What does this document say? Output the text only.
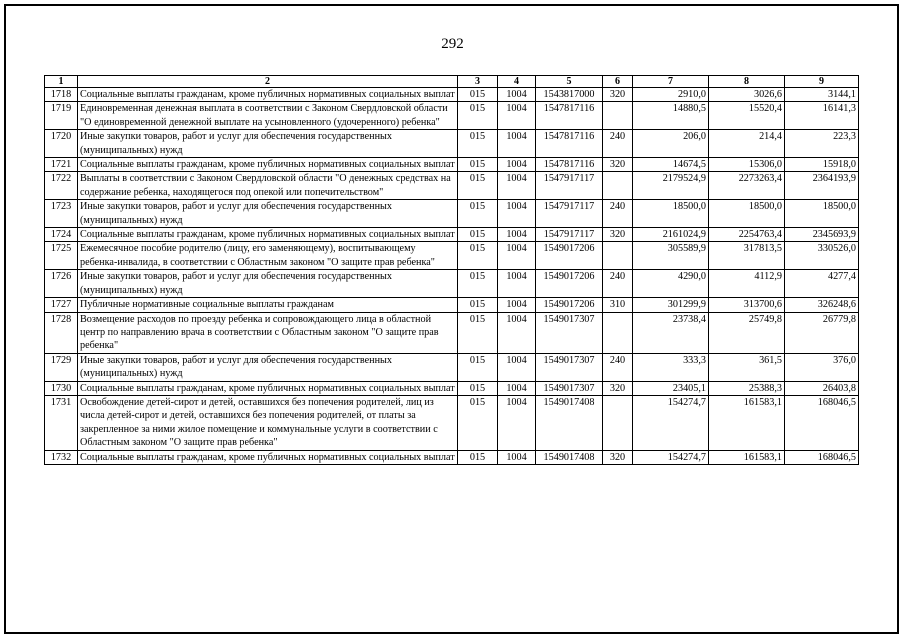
292
1	2	3	4	5	6	7	8	9
1718	Социальные выплаты гражданам, кроме публичных нормативных социальных выплат	015	1004	1543817000	320	2910,0	3026,6	3144,1
1719	Единовременная денежная выплата в соответствии с Законом Свердловской области "О единовременной денежной выплате на усыновленного (удочеренного) ребенка"	015	1004	1547817116		14880,5	15520,4	16141,3
1720	Иные закупки товаров, работ и услуг для обеспечения государственных (муниципальных) нужд	015	1004	1547817116	240	206,0	214,4	223,3
1721	Социальные выплаты гражданам, кроме публичных нормативных социальных выплат	015	1004	1547817116	320	14674,5	15306,0	15918,0
1722	Выплаты в соответствии с Законом Свердловской области "О денежных средствах на содержание ребенка, находящегося под опекой или попечительством"	015	1004	1547917117		2179524,9	2273263,4	2364193,9
1723	Иные закупки товаров, работ и услуг для обеспечения государственных (муниципальных) нужд	015	1004	1547917117	240	18500,0	18500,0	18500,0
1724	Социальные выплаты гражданам, кроме публичных нормативных социальных выплат	015	1004	1547917117	320	2161024,9	2254763,4	2345693,9
1725	Ежемесячное пособие родителю (лицу, его заменяющему), воспитывающему ребенка-инвалида, в соответствии с Областным законом "О защите прав ребенка"	015	1004	1549017206		305589,9	317813,5	330526,0
1726	Иные закупки товаров, работ и услуг для обеспечения государственных (муниципальных) нужд	015	1004	1549017206	240	4290,0	4112,9	4277,4
1727	Публичные нормативные социальные выплаты гражданам	015	1004	1549017206	310	301299,9	313700,6	326248,6
1728	Возмещение расходов по проезду ребенка и сопровождающего лица в областной центр по направлению врача в соответствии с Областным законом "О защите прав ребенка"	015	1004	1549017307		23738,4	25749,8	26779,8
1729	Иные закупки товаров, работ и услуг для обеспечения государственных (муниципальных) нужд	015	1004	1549017307	240	333,3	361,5	376,0
1730	Социальные выплаты гражданам, кроме публичных нормативных социальных выплат	015	1004	1549017307	320	23405,1	25388,3	26403,8
1731	Освобождение детей-сирот и детей, оставшихся без попечения родителей, лиц из числа детей-сирот и детей, оставшихся без попечения родителей, от платы за закрепленное за ними жилое помещение и коммунальные услуги в соответствии с Областным законом "О защите прав ребенка"	015	1004	1549017408		154274,7	161583,1	168046,5
1732	Социальные выплаты гражданам, кроме публичных нормативных социальных выплат	015	1004	1549017408	320	154274,7	161583,1	168046,5
